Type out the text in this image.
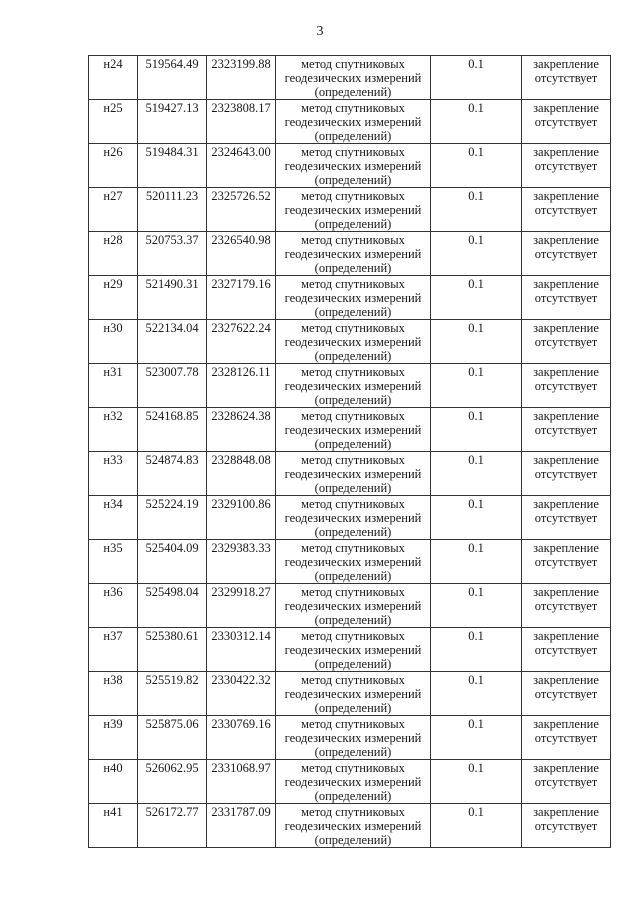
3
н24	519564.49	2323199.88	метод спутниковых
геодезических измерений
(определений)	0.1	закрепление
отсутствует

н25	519427.13	2323808.17	метод спутниковых
геодезических измерений
(определений)	0.1	закрепление
отсутствует

н26	519484.31	2324643.00	метод спутниковых
геодезических измерений
(определений)	0.1	закрепление
отсутствует

н27	520111.23	2325726.52	метод спутниковых
геодезических измерений
(определений)	0.1	закрепление
отсутствует

н28	520753.37	2326540.98	метод спутниковых
геодезических измерений
(определений)	0.1	закрепление
отсутствует

н29	521490.31	2327179.16	метод спутниковых
геодезических измерений
(определений)	0.1	закрепление
отсутствует

н30	522134.04	2327622.24	метод спутниковых
геодезических измерений
(определений)	0.1	закрепление
отсутствует

н31	523007.78	2328126.11	метод спутниковых
геодезических измерений
(определений)	0.1	закрепление
отсутствует

н32	524168.85	2328624.38	метод спутниковых
геодезических измерений
(определений)	0.1	закрепление
отсутствует

н33	524874.83	2328848.08	метод спутниковых
геодезических измерений
(определений)	0.1	закрепление
отсутствует

н34	525224.19	2329100.86	метод спутниковых
геодезических измерений
(определений)	0.1	закрепление
отсутствует

н35	525404.09	2329383.33	метод спутниковых
геодезических измерений
(определений)	0.1	закрепление
отсутствует

н36	525498.04	2329918.27	метод спутниковых
геодезических измерений
(определений)	0.1	закрепление
отсутствует

н37	525380.61	2330312.14	метод спутниковых
геодезических измерений
(определений)	0.1	закрепление
отсутствует

н38	525519.82	2330422.32	метод спутниковых
геодезических измерений
(определений)	0.1	закрепление
отсутствует

н39	525875.06	2330769.16	метод спутниковых
геодезических измерений
(определений)	0.1	закрепление
отсутствует

н40	526062.95	2331068.97	метод спутниковых
геодезических измерений
(определений)	0.1	закрепление
отсутствует

н41	526172.77	2331787.09	метод спутниковых
геодезических измерений
(определений)	0.1	закрепление
отсутствует
